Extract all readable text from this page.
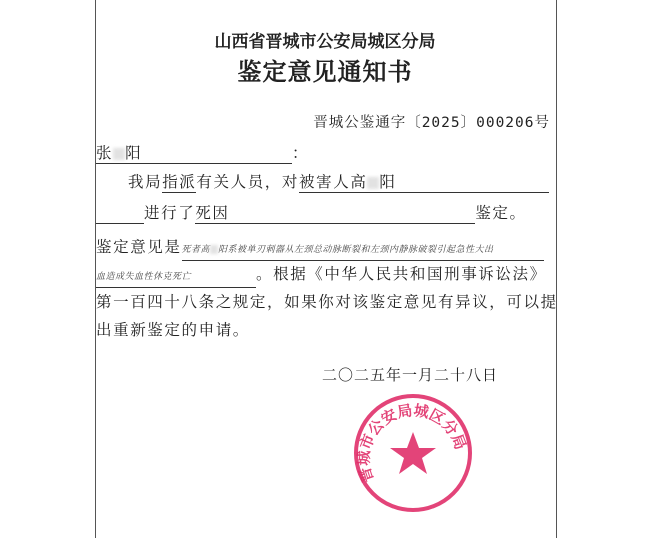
山西省晋城市公安局城区分局
鉴定意见通知书
晋城公鉴通字〔2025〕000206号
张 阳	：
我局指派有关人员，对被害人高 阳
进行了死因	鉴定。
鉴定意见是死者高 阳系被单刃刺器从左颈总动脉断裂和左颈内静脉破裂引起急性大出
血造成失血性休克死亡	。根据《中华人民共和国刑事诉讼法》
第一百四十八条之规定，如果你对该鉴定意见有异议，可以提
出重新鉴定的申请。
二〇二五年一月二十八日
晋城市公安局城区分局
